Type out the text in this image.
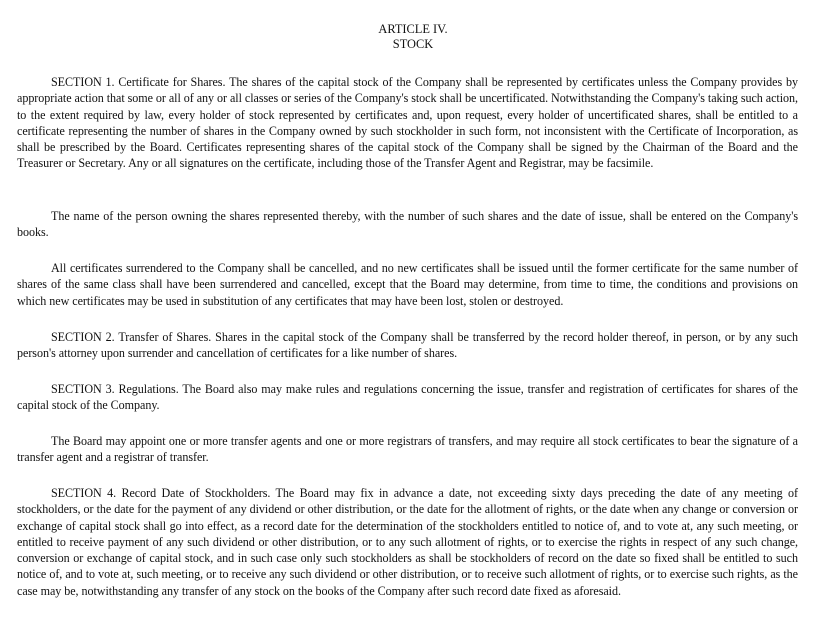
ARTICLE IV.
STOCK

SECTION 1. Certificate for Shares. The shares of the capital stock of the Company shall be represented by certificates unless the Company provides by appropriate action that some or all of any or all classes or series of the Company's stock shall be uncertificated. Notwithstanding the Company's taking such action, to the extent required by law, every holder of stock represented by certificates and, upon request, every holder of uncertificated shares, shall be entitled to a certificate representing the number of shares in the Company owned by such stockholder in such form, not inconsistent with the Certificate of Incorporation, as shall be prescribed by the Board. Certificates representing shares of the capital stock of the Company shall be signed by the Chairman of the Board and the Treasurer or Secretary. Any or all signatures on the certificate, including those of the Transfer Agent and Registrar, may be facsimile.

The name of the person owning the shares represented thereby, with the number of such shares and the date of issue, shall be entered on the Company's books.

All certificates surrendered to the Company shall be cancelled, and no new certificates shall be issued until the former certificate for the same number of shares of the same class shall have been surrendered and cancelled, except that the Board may determine, from time to time, the conditions and provisions on which new certificates may be used in substitution of any certificates that may have been lost, stolen or destroyed.

SECTION 2. Transfer of Shares. Shares in the capital stock of the Company shall be transferred by the record holder thereof, in person, or by any such person's attorney upon surrender and cancellation of certificates for a like number of shares.

SECTION 3. Regulations. The Board also may make rules and regulations concerning the issue, transfer and registration of certificates for shares of the capital stock of the Company.

The Board may appoint one or more transfer agents and one or more registrars of transfers, and may require all stock certificates to bear the signature of a transfer agent and a registrar of transfer.

SECTION 4. Record Date of Stockholders. The Board may fix in advance a date, not exceeding sixty days preceding the date of any meeting of stockholders, or the date for the payment of any dividend or other distribution, or the date for the allotment of rights, or the date when any change or conversion or exchange of capital stock shall go into effect, as a record date for the determination of the stockholders entitled to notice of, and to vote at, any such meeting, or entitled to receive payment of any such dividend or other distribution, or to any such allotment of rights, or to exercise the rights in respect of any such change, conversion or exchange of capital stock, and in such case only such stockholders as shall be stockholders of record on the date so fixed shall be entitled to such notice of, and to vote at, such meeting, or to receive any such dividend or other distribution, or to receive such allotment of rights, or to exercise such rights, as the case may be, notwithstanding any transfer of any stock on the books of the Company after such record date fixed as aforesaid.
